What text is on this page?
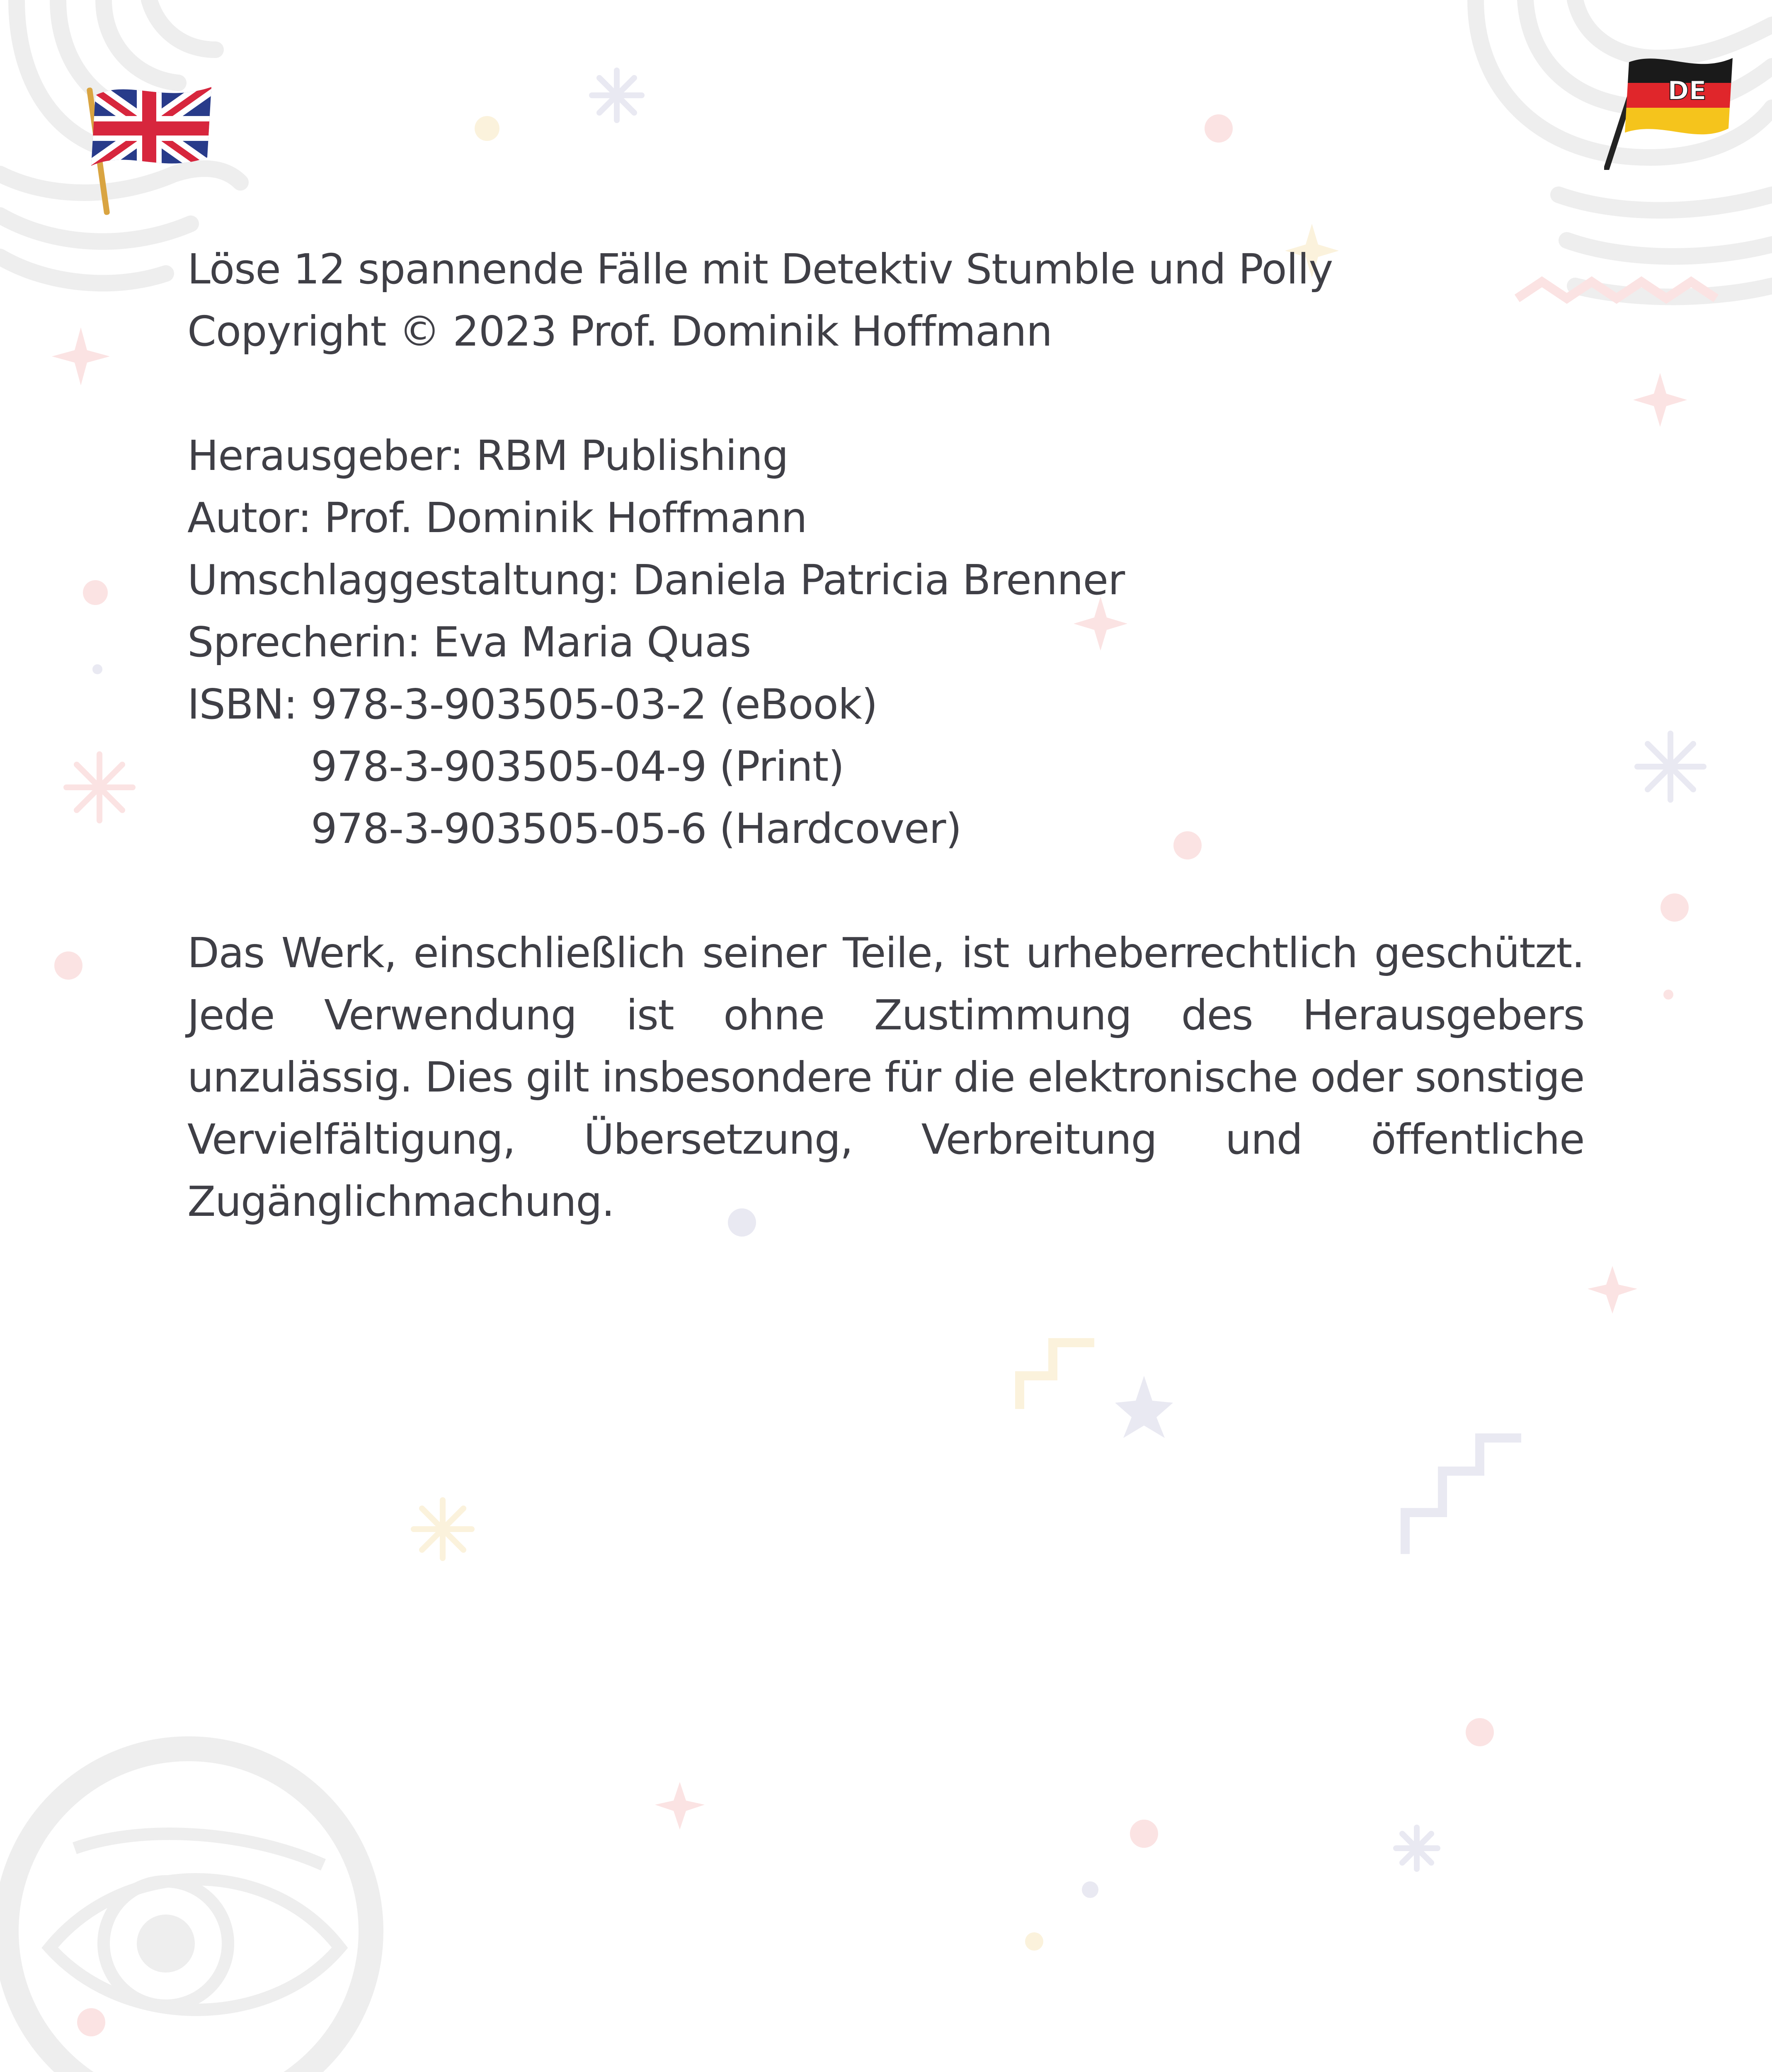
DE
Löse 12 spannende Fälle mit Detektiv Stumble und Polly
Copyright © 2023 Prof. Dominik Hoffmann
Herausgeber: RBM Publishing
Autor: Prof. Dominik Hoffmann
Umschlaggestaltung: Daniela Patricia Brenner
Sprecherin: Eva Maria Quas
ISBN: 978-3-903505-03-2 (eBook)
978-3-903505-04-9 (Print)
978-3-903505-05-6 (Hardcover)

Das Werk, einschließlich seiner Teile, ist urheberrechtlich geschützt. Jede Verwendung ist ohne Zustimmung des Herausgebers unzulässig. Dies gilt insbesondere für die elektronische oder sonstige Vervielfältigung, Übersetzung, Verbreitung und öffentliche Zugänglichmachung.
